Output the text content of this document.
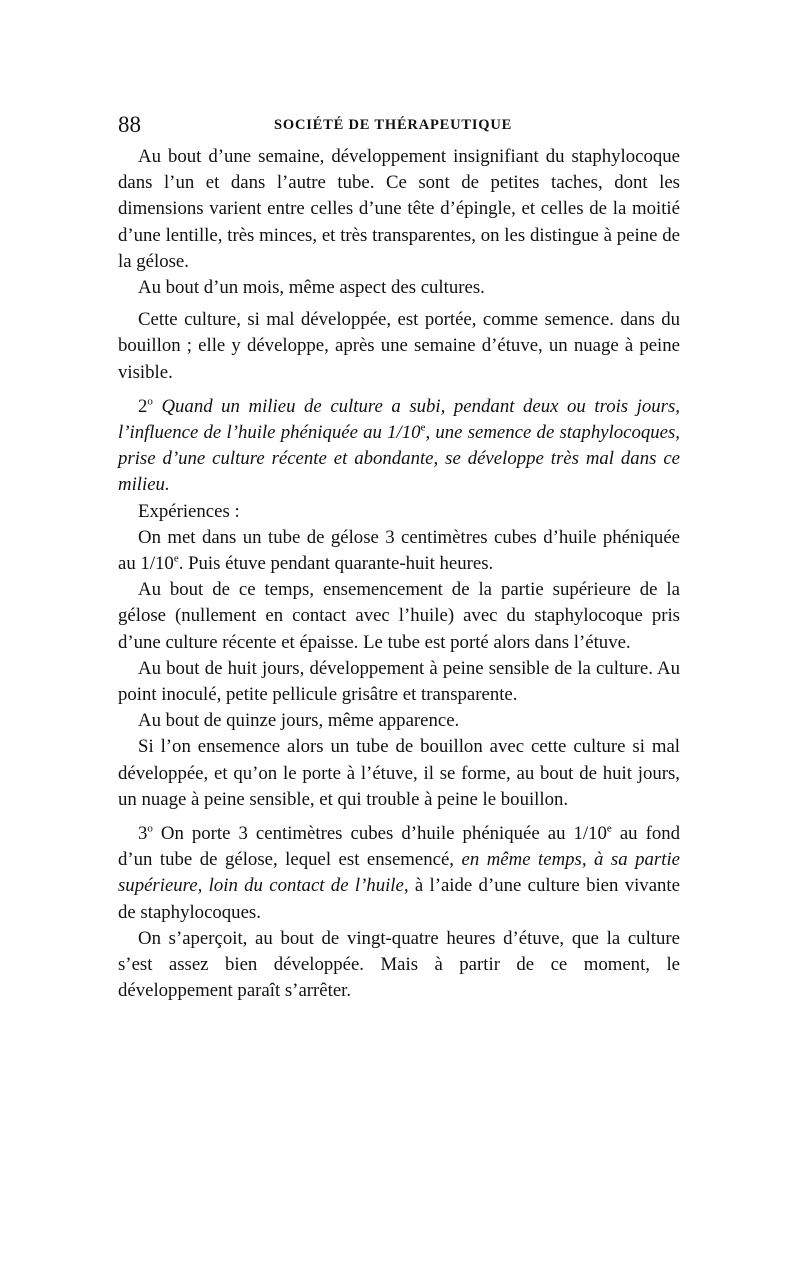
88	SOCIÉTÉ DE THÉRAPEUTIQUE

Au bout d’une semaine, développement insignifiant du staphylocoque dans l’un et dans l’autre tube. Ce sont de petites taches, dont les dimensions varient entre celles d’une tête d’épingle, et celles de la moitié d’une lentille, très minces, et très transparentes, on les distingue à peine de la gélose.

Au bout d’un mois, même aspect des cultures.

Cette culture, si mal développée, est portée, comme semence. dans du bouillon ; elle y développe, après une semaine d’étuve, un nuage à peine visible.

2$^o$ Quand un milieu de culture a subi, pendant deux ou trois jours, l’influence de l’huile phéniquée au 1/10e, une semence de staphylocoques, prise d’une culture récente et abondante, se développe très mal dans ce milieu.

Expériences :

On met dans un tube de gélose 3 centimètres cubes d’huile phéniquée au 1/10e. Puis étuve pendant quarante-huit heures.

Au bout de ce temps, ensemencement de la partie supérieure de la gélose (nullement en contact avec l’huile) avec du staphylocoque pris d’une culture récente et épaisse. Le tube est porté alors dans l’étuve.

Au bout de huit jours, développement à peine sensible de la culture. Au point inoculé, petite pellicule grisâtre et transparente.

Au bout de quinze jours, même apparence.

Si l’on ensemence alors un tube de bouillon avec cette culture si mal développée, et qu’on le porte à l’étuve, il se forme, au bout de huit jours, un nuage à peine sensible, et qui trouble à peine le bouillon.

3$^o$ On porte 3 centimètres cubes d’huile phéniquée au 1/10e au fond d’un tube de gélose, lequel est ensemencé, en même temps, à sa partie supérieure, loin du contact de l’huile, à l’aide d’une culture bien vivante de staphylocoques.

On s’aperçoit, au bout de vingt-quatre heures d’étuve, que la culture s’est assez bien développée. Mais à partir de ce moment, le développement paraît s’arrêter.
